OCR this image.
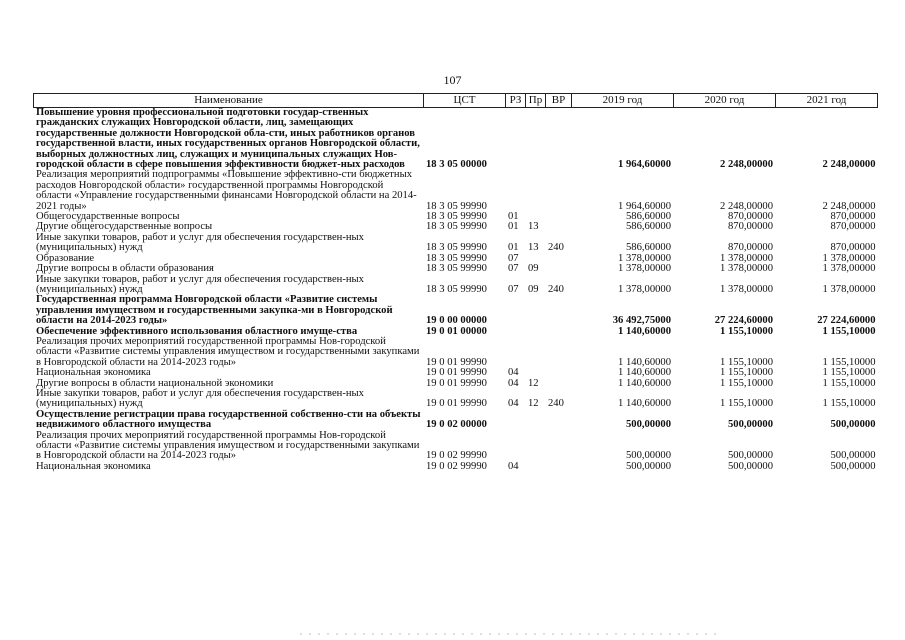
107
Наименование	ЦСТ	РЗ	Пр	ВР	2019 год	2020 год	2021 год
Повышение уровня профессиональной подготовки государ-ственных гражданских служащих Новгородской области, лиц, замещающих государственные должности Новгородской обла-сти, иных работников органов государственной власти, иных государственных органов Новгородской области, выборных должностных лиц, служащих и муниципальных служащих Нов-городской области в сфере повышения эффективности бюджет-ных расходов	18 3 05 00000				1 964,60000	2 248,00000	2 248,00000
Реализация мероприятий подпрограммы «Повышение эффективно-сти бюджетных расходов Новгородской области» государственной программы Новгородской области «Управление государственными финансами Новгородской области на 2014-2021 годы»	18 3 05 99990				1 964,60000	2 248,00000	2 248,00000
Общегосударственные вопросы	18 3 05 99990	01			586,60000	870,00000	870,00000
Другие общегосударственные вопросы	18 3 05 99990	01	13		586,60000	870,00000	870,00000
Иные закупки товаров, работ и услуг для обеспечения государствен-ных (муниципальных) нужд	18 3 05 99990	01	13	240	586,60000	870,00000	870,00000
Образование	18 3 05 99990	07			1 378,00000	1 378,00000	1 378,00000
Другие вопросы в области образования	18 3 05 99990	07	09		1 378,00000	1 378,00000	1 378,00000
Иные закупки товаров, работ и услуг для обеспечения государствен-ных (муниципальных) нужд	18 3 05 99990	07	09	240	1 378,00000	1 378,00000	1 378,00000
Государственная программа Новгородской области «Развитие системы управления имуществом и государственными закупка-ми в Новгородской области на 2014-2023 годы»	19 0 00 00000				36 492,75000	27 224,60000	27 224,60000
Обеспечение эффективного использования областного имуще-ства	19 0 01 00000				1 140,60000	1 155,10000	1 155,10000
Реализация прочих мероприятий государственной программы Нов-городской области «Развитие системы управления имуществом и государственными закупками в Новгородской области на 2014-2023 годы»	19 0 01 99990				1 140,60000	1 155,10000	1 155,10000
Национальная экономика	19 0 01 99990	04			1 140,60000	1 155,10000	1 155,10000
Другие вопросы в области национальной экономики	19 0 01 99990	04	12		1 140,60000	1 155,10000	1 155,10000
Иные закупки товаров, работ и услуг для обеспечения государствен-ных (муниципальных) нужд	19 0 01 99990	04	12	240	1 140,60000	1 155,10000	1 155,10000
Осуществление регистрации права государственной собственно-сти на объекты недвижимого областного имущества	19 0 02 00000				500,00000	500,00000	500,00000
Реализация прочих мероприятий государственной программы Нов-городской области «Развитие системы управления имуществом и государственными закупками в Новгородской области на 2014-2023 годы»	19 0 02 99990				500,00000	500,00000	500,00000
Национальная экономика	19 0 02 99990	04			500,00000	500,00000	500,00000
